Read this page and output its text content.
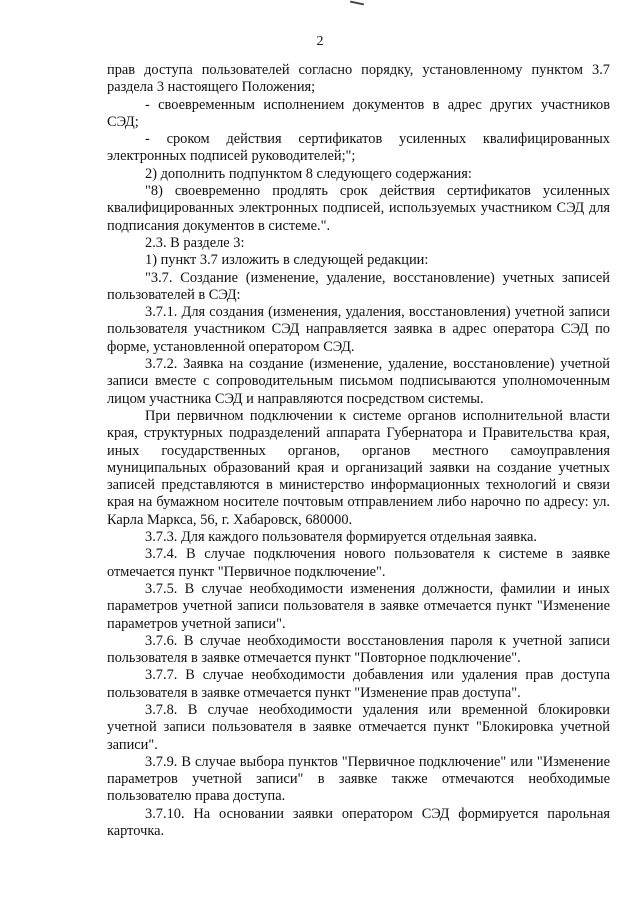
2

прав доступа пользователей согласно порядку, установленному пунктом 3.7 раздела 3 настоящего Положения;

- своевременным исполнением документов в адрес других участников СЭД;

- сроком действия сертификатов усиленных квалифицированных электронных подписей руководителей;";

2) дополнить подпунктом 8 следующего содержания:

"8) своевременно продлять срок действия сертификатов усиленных квалифицированных электронных подписей, используемых участником СЭД для подписания документов в системе.".

2.3. В разделе 3:

1) пункт 3.7 изложить в следующей редакции:

"3.7. Создание (изменение, удаление, восстановление) учетных записей пользователей в СЭД:

3.7.1. Для создания (изменения, удаления, восстановления) учетной записи пользователя участником СЭД направляется заявка в адрес оператора СЭД по форме, установленной оператором СЭД.

3.7.2. Заявка на создание (изменение, удаление, восстановление) учетной записи вместе с сопроводительным письмом подписываются уполномоченным лицом участника СЭД и направляются посредством системы.

При первичном подключении к системе органов исполнительной власти края, структурных подразделений аппарата Губернатора и Правительства края, иных государственных органов, органов местного самоуправления муниципальных образований края и организаций заявки на создание учетных записей представляются в министерство информационных технологий и связи края на бумажном носителе почтовым отправлением либо нарочно по адресу: ул. Карла Маркса, 56, г. Хабаровск, 680000.

3.7.3. Для каждого пользователя формируется отдельная заявка.

3.7.4. В случае подключения нового пользователя к системе в заявке отмечается пункт "Первичное подключение".

3.7.5. В случае необходимости изменения должности, фамилии и иных параметров учетной записи пользователя в заявке отмечается пункт "Изменение параметров учетной записи".

3.7.6. В случае необходимости восстановления пароля к учетной записи пользователя в заявке отмечается пункт "Повторное подключение".

3.7.7. В случае необходимости добавления или удаления прав доступа пользователя в заявке отмечается пункт "Изменение прав доступа".

3.7.8. В случае необходимости удаления или временной блокировки учетной записи пользователя в заявке отмечается пункт "Блокировка учетной записи".

3.7.9. В случае выбора пунктов "Первичное подключение" или "Изменение параметров учетной записи" в заявке также отмечаются необходимые пользователю права доступа.

3.7.10. На основании заявки оператором СЭД формируется парольная карточка.
